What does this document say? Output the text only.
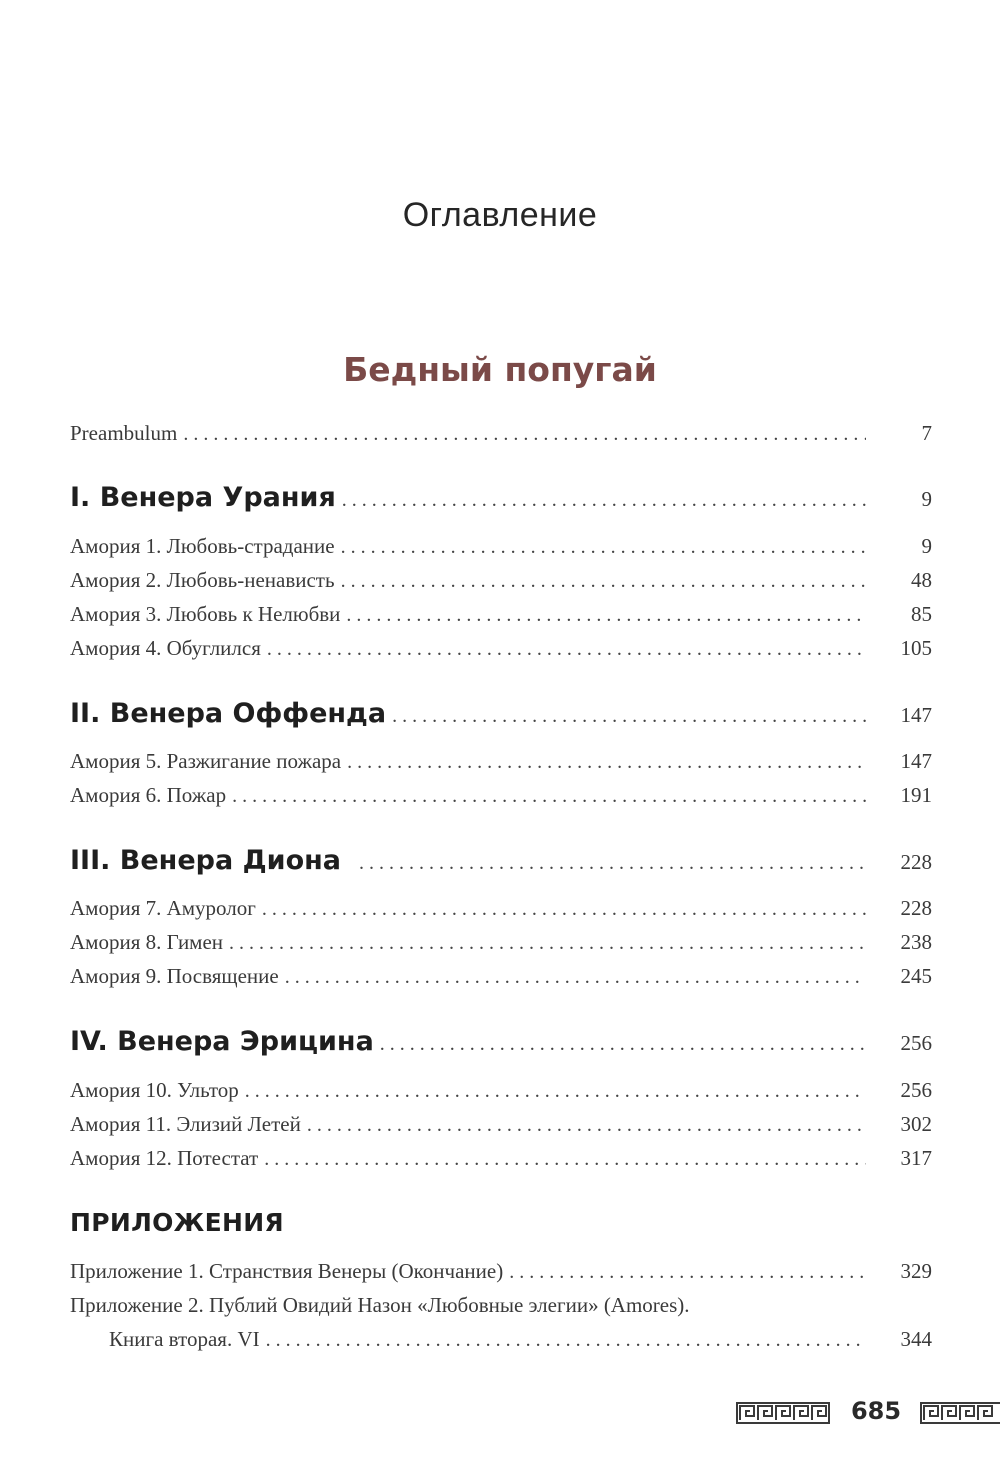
Оглавление
Бедный попугай
Preambulum . . .	7
I. Венера Урания . . .	9
Амория 1. Любовь-страдание . . .	9
Амория 2. Любовь-ненависть . . .	48
Амория 3. Любовь к Нелюбви . . .	85
Амория 4. Обуглился . . .	105
II. Венера Оффенда . . .	147
Амория 5. Разжигание пожара . . .	147
Амория 6. Пожар . . .	191
III. Венера Диона . . .	228
Амория 7. Амуролог . . .	228
Амория 8. Гимен . . .	238
Амория 9. Посвящение . . .	245
IV. Венера Эрицина . . .	256
Амория 10. Ультор . . .	256
Амория 11. Элизий Летей . . .	302
Амория 12. Потестат . . .	317
ПРИЛОЖЕНИЯ
Приложение 1. Странствия Венеры (Окончание) . . .	329
Приложение 2. Публий Овидий Назон «Любовные элегии» (Amores).
Книга вторая. VI . . .	344
685
